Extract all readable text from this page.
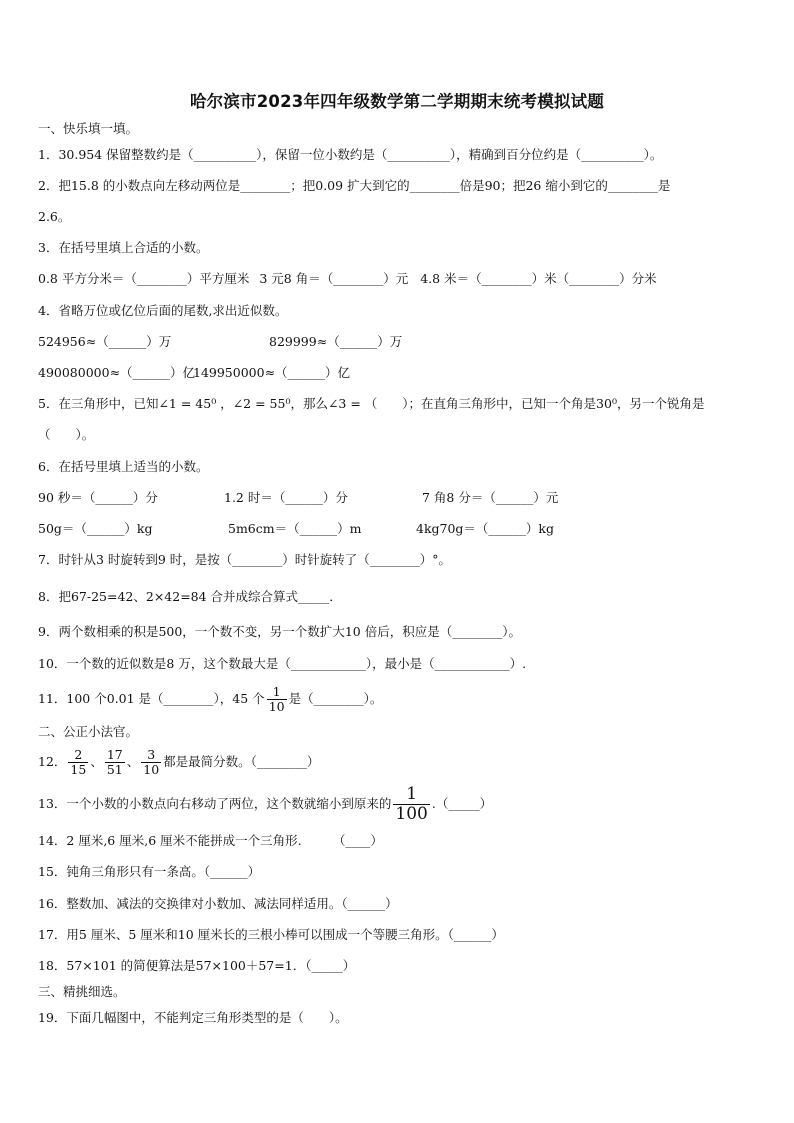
哈尔滨市2023年四年级数学第二学期期末统考模拟试题
一、快乐填一填。
1．30.954 保留整数约是（__________），保留一位小数约是（__________），精确到百分位约是（__________）。
2．把15.8 的小数点向左移动两位是________；把0.09 扩大到它的________倍是90；把26 缩小到它的________是
2.6。
3．在括号里填上合适的小数。
0.8 平方分米＝（________）平方厘米 3 元8 角＝（________）元 4.8 米＝（________）米（________）分米
4．省略万位或亿位后面的尾数,求出近似数。
524956≈（______）万	829999≈（______）万
490080000≈（______）亿149950000≈（______）亿
5．在三角形中，已知∠1 = 45⁰ ，∠2 = 55⁰，那么∠3 = （　　）；在直角三角形中，已知一个角是30⁰，另一个锐角是
（　　）。
6．在括号里填上适当的小数。
90 秒＝（______）分	1.2 时＝（______）分	7 角8 分＝（______）元
50g＝（______）kg	5m6cm＝（______）m	4kg70g＝（______）kg
7．时针从3 时旋转到9 时，是按（________）时针旋转了（________）°。
8．把67-25=42、2×42=84 合并成综合算式_____．
9．两个数相乘的积是500，一个数不变，另一个数扩大10 倍后，积应是（________）。
10．一个数的近似数是8 万，这个数最大是（____________），最小是（____________）.
11．100 个0.01 是（________），45 个 $\frac{1}{10}$ 是（________）。
二、公正小法官。
12． $\frac{2}{15}$ 、 $\frac{17}{51}$ 、 $\frac{3}{10}$ 都是最简分数。（________）
13．一个小数的小数点向右移动了两位，这个数就缩小到原来的 $\frac{1}{100}$ .（_____）
14．2 厘米,6 厘米,6 厘米不能拼成一个三角形.　　　（____）
15．钝角三角形只有一条高。（______）
16．整数加、减法的交换律对小数加、减法同样适用。（______）
17．用5 厘米、5 厘米和10 厘米长的三根小棒可以围成一个等腰三角形。（______）
18．57×101 的简便算法是57×100＋57=1．（_____）
三、精挑细选。
19．下面几幅图中，不能判定三角形类型的是（　　）。
